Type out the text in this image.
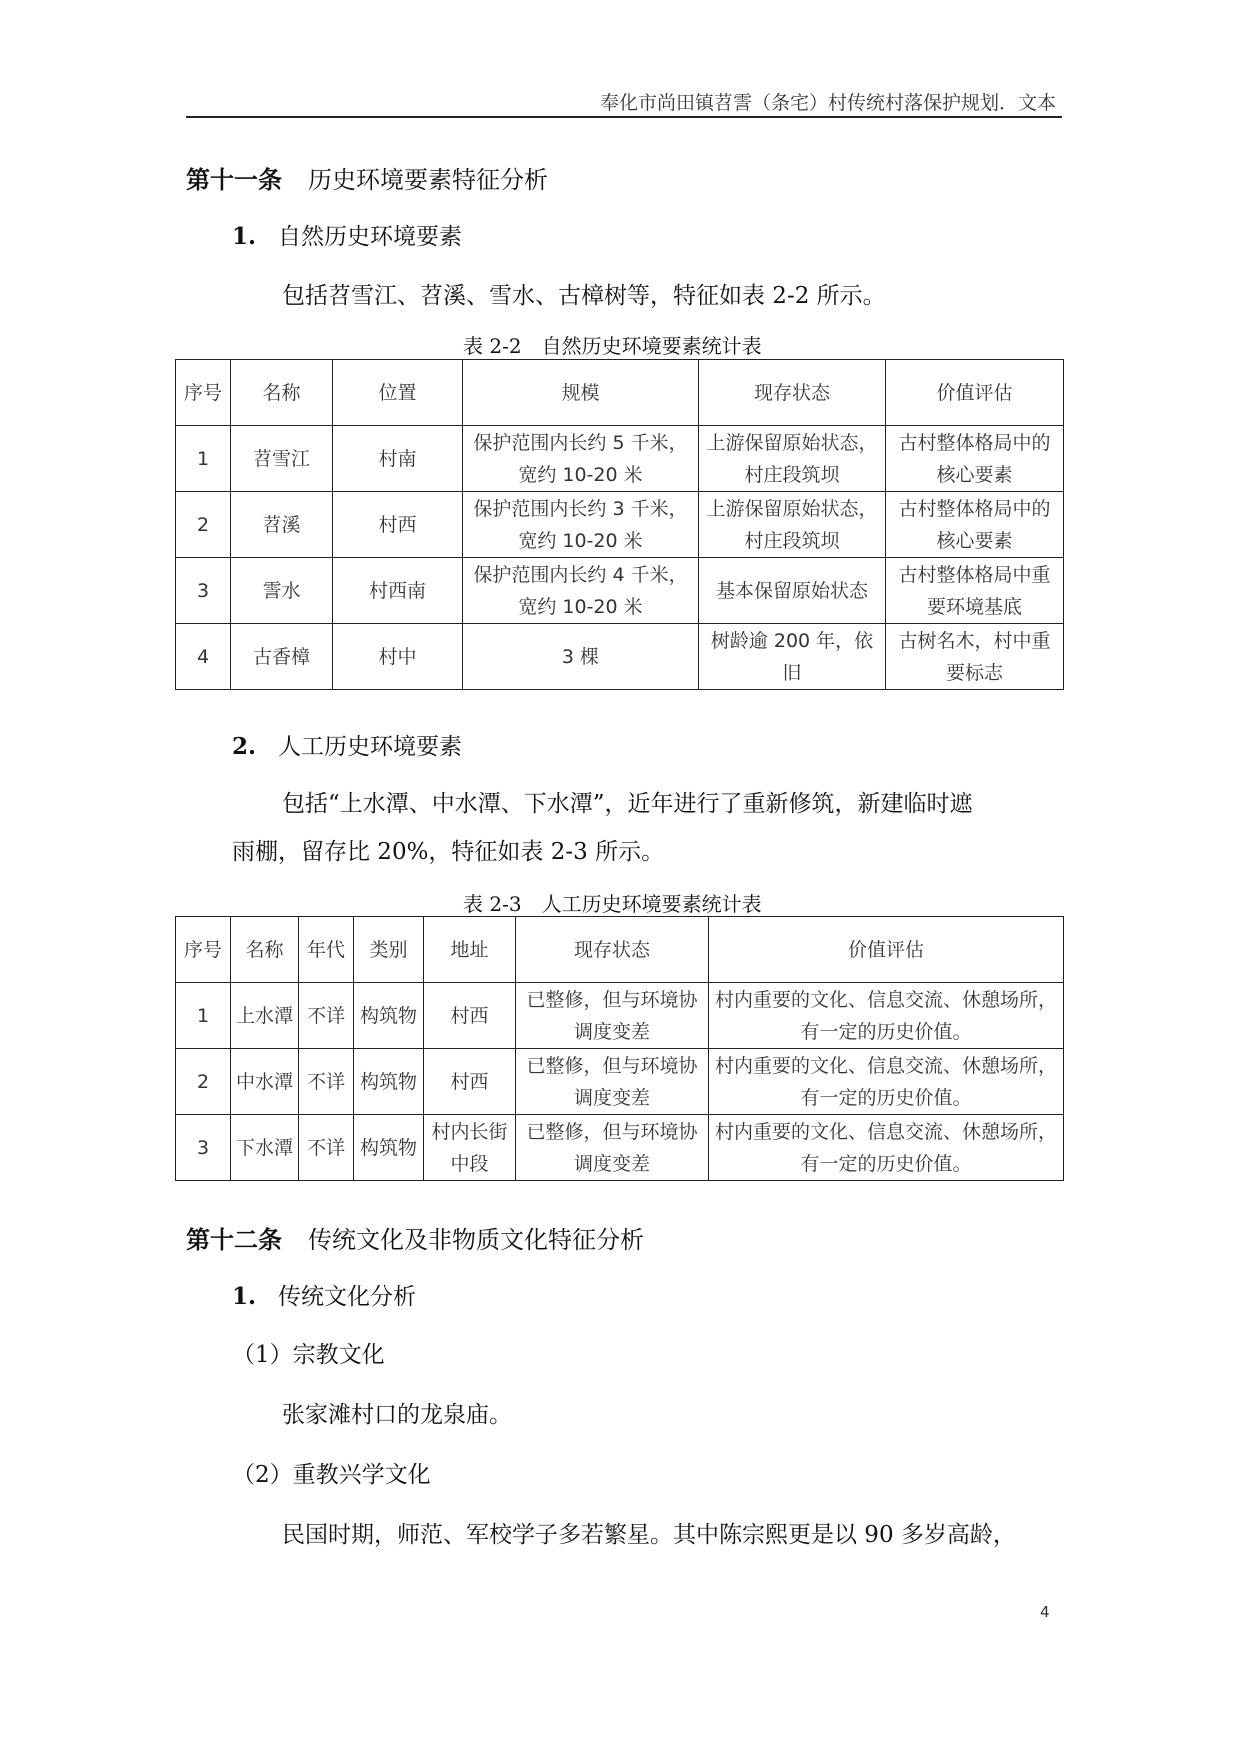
奉化市尚田镇苕霅（条宅）村传统村落保护规划．文本
第十一条 历史环境要素特征分析
1. 自然历史环境要素
包括苕雪江、苕溪、雪水、古樟树等，特征如表 2-2 所示。
表 2-2　自然历史环境要素统计表
序号	名称	位置	规模	现存状态	价值评估
1	苕雪江	村南	保护范围内长约 5 千米，宽约 10-20 米	上游保留原始状态，村庄段筑坝	古村整体格局中的核心要素
2	苕溪	村西	保护范围内长约 3 千米，宽约 10-20 米	上游保留原始状态，村庄段筑坝	古村整体格局中的核心要素
3	霅水	村西南	保护范围内长约 4 千米，宽约 10-20 米	基本保留原始状态	古村整体格局中重要环境基底
4	古香樟	村中	3 棵	树龄逾 200 年，依旧	古树名木，村中重要标志
2. 人工历史环境要素
包括“上水潭、中水潭、下水潭”，近年进行了重新修筑，新建临时遮
雨棚，留存比 20%，特征如表 2-3 所示。
表 2-3　人工历史环境要素统计表
序号	名称	年代	类别	地址	现存状态	价值评估
1	上水潭	不详	构筑物	村西	已整修，但与环境协调度变差	村内重要的文化、信息交流、休憩场所，有一定的历史价值。
2	中水潭	不详	构筑物	村西	已整修，但与环境协调度变差	村内重要的文化、信息交流、休憩场所，有一定的历史价值。
3	下水潭	不详	构筑物	村内长街中段	已整修，但与环境协调度变差	村内重要的文化、信息交流、休憩场所，有一定的历史价值。
第十二条 传统文化及非物质文化特征分析
1. 传统文化分析
（1）宗教文化
张家滩村口的龙泉庙。
（2）重教兴学文化
民国时期，师范、军校学子多若繁星。其中陈宗熙更是以 90 多岁高龄，
4
